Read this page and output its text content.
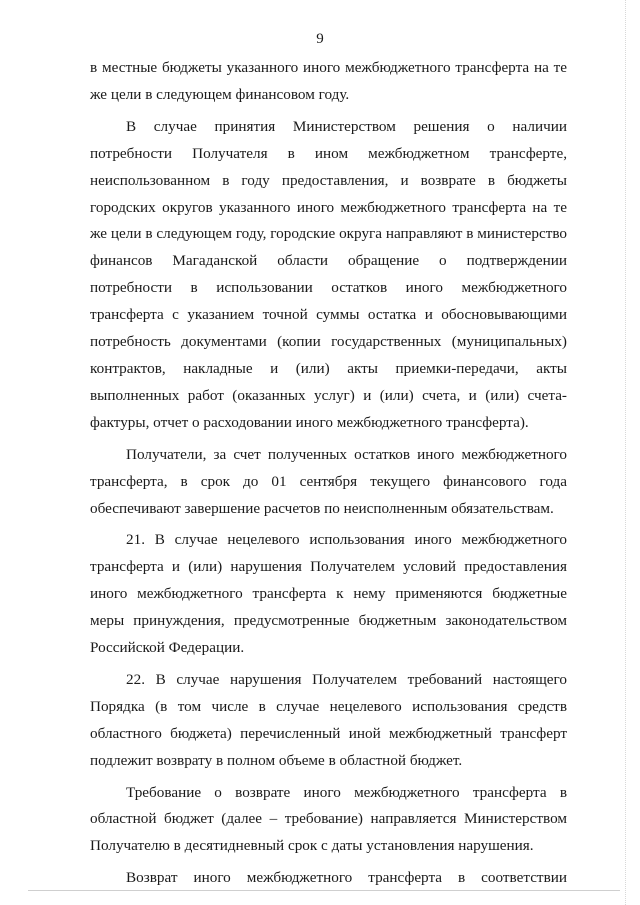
9

в местные бюджеты указанного иного межбюджетного трансферта на те же цели в следующем финансовом году.

В случае принятия Министерством решения о наличии потребности Получателя в ином межбюджетном трансферте, неиспользованном в году предоставления, и возврате в бюджеты городских округов указанного иного межбюджетного трансферта на те же цели в следующем году, городские округа направляют в министерство финансов Магаданской области обращение о подтверждении потребности в использовании остатков иного межбюджетного трансферта с указанием точной суммы остатка и обосновывающими потребность документами (копии государственных (муниципальных) контрактов, накладные и (или) акты приемки-передачи, акты выполненных работ (оказанных услуг) и (или) счета, и (или) счета-фактуры, отчет о расходовании иного межбюджетного трансферта).

Получатели, за счет полученных остатков иного межбюджетного трансферта, в срок до 01 сентября текущего финансового года обеспечивают завершение расчетов по неисполненным обязательствам.

21. В случае нецелевого использования иного межбюджетного трансферта и (или) нарушения Получателем условий предоставления иного межбюджетного трансферта к нему применяются бюджетные меры принуждения, предусмотренные бюджетным законодательством Российской Федерации.

22. В случае нарушения Получателем требований настоящего Порядка (в том числе в случае нецелевого использования средств областного бюджета) перечисленный иной межбюджетный трансферт подлежит возврату в полном объеме в областной бюджет.

Требование о возврате иного межбюджетного трансферта в областной бюджет (далее – требование) направляется Министерством Получателю в десятидневный срок с даты установления нарушения.

Возврат иного межбюджетного трансферта в соответствии
